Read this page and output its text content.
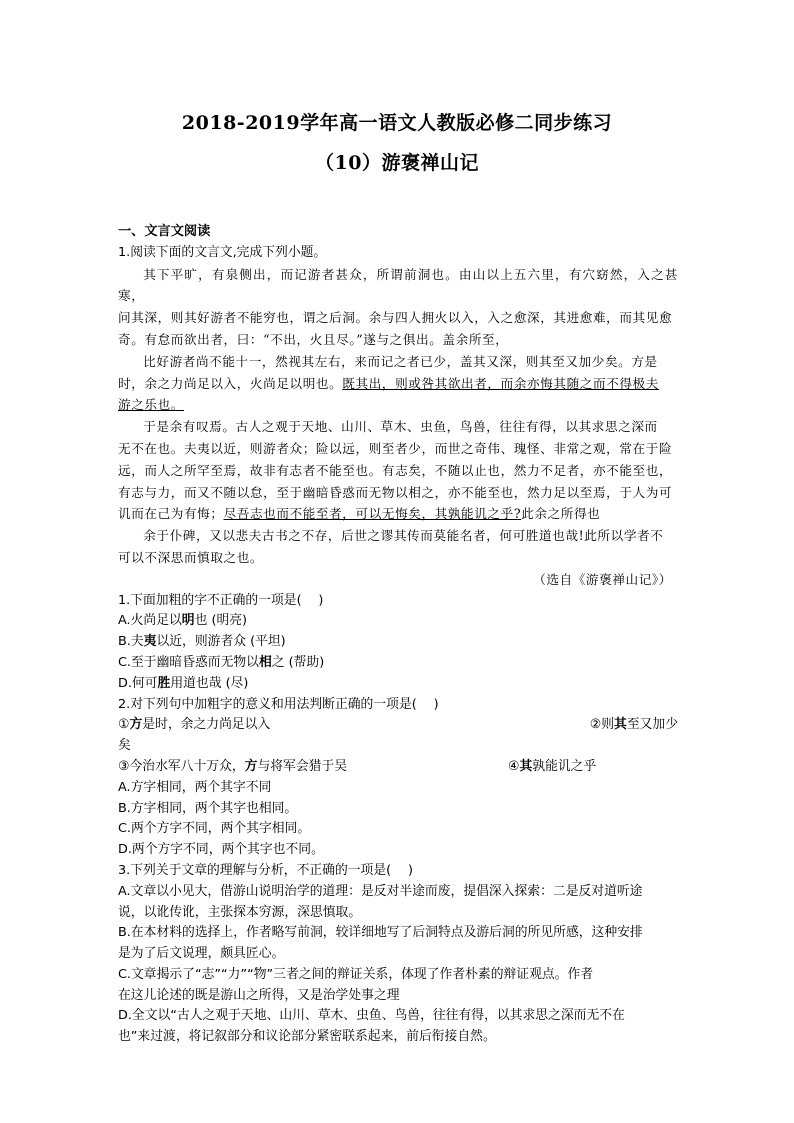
2018-2019学年高一语文人教版必修二同步练习
（10）游褒禅山记

一、文言文阅读

1.阅读下面的文言文,完成下列小题。

其下平旷，有泉侧出，而记游者甚众，所谓前洞也。由山以上五六里，有穴窈然，入之甚寒，

问其深，则其好游者不能穷也，谓之后洞。余与四人拥火以入，入之愈深，其进愈难，而其见愈

奇。有怠而欲出者，曰：“不出，火且尽。”遂与之俱出。盖余所至，

比好游者尚不能十一，然视其左右，来而记之者已少，盖其又深，则其至又加少矣。方是

时，余之力尚足以入，火尚足以明也。既其出，则或咎其欲出者，而余亦悔其随之而不得极夫

游之乐也。

于是余有叹焉。古人之观于天地、山川、草木、虫鱼，鸟兽，往往有得，以其求思之深而

无不在也。夫夷以近，则游者众；险以远，则至者少，而世之奇伟、瑰怪、非常之观，常在于险

远，而人之所罕至焉，故非有志者不能至也。有志矣，不随以止也，然力不足者，亦不能至也，

有志与力，而又不随以怠，至于幽暗昏惑而无物以相之，亦不能至也，然力足以至焉，于人为可

讥而在己为有悔；尽吾志也而不能至者，可以无悔矣，其孰能讥之乎?此余之所得也

余于仆碑，又以悲夫古书之不存，后世之谬其传而莫能名者，何可胜道也哉!此所以学者不

可以不深思而慎取之也。

（选自《游褒禅山记》）

1.下面加粗的字不正确的一项是(　 )

A.火尚足以明也 (明亮)

B.夫夷以近，则游者众 (平坦)

C.至于幽暗昏惑而无物以相之 (帮助)

D.何可胜用道也哉 (尽)

2.对下列句中加粗字的意义和用法判断正确的一项是(　 )

①方是时，余之力尚足以入	②则其至又加少

矣

③今治水军八十万众，方与将军会猎于吴	④其孰能讥之乎

A.方字相同，两个其字不同

B.方字相同，两个其字也相同。

C.两个方字不同，两个其字相同。

D.两个方字不同，两个其字也不同。

3.下列关于文章的理解与分析，不正确的一项是(　 )

A.文章以小见大，借游山说明治学的道理：是反对半途而废，提倡深入探索：二是反对道听途

说，以讹传讹，主张探本穷源，深思慎取。

B.在本材料的选择上，作者略写前洞，较详细地写了后洞特点及游后洞的所见所感，这种安排

是为了后文说理，颇具匠心。

C.文章揭示了“志”“力”“物”三者之间的辩证关系，体现了作者朴素的辩证观点。作者

在这儿论述的既是游山之所得，又是治学处事之理

D.全文以“古人之观于天地、山川、草木、虫鱼、鸟兽，往往有得，以其求思之深而无不在

也”来过渡，将记叙部分和议论部分紧密联系起来，前后衔接自然。
